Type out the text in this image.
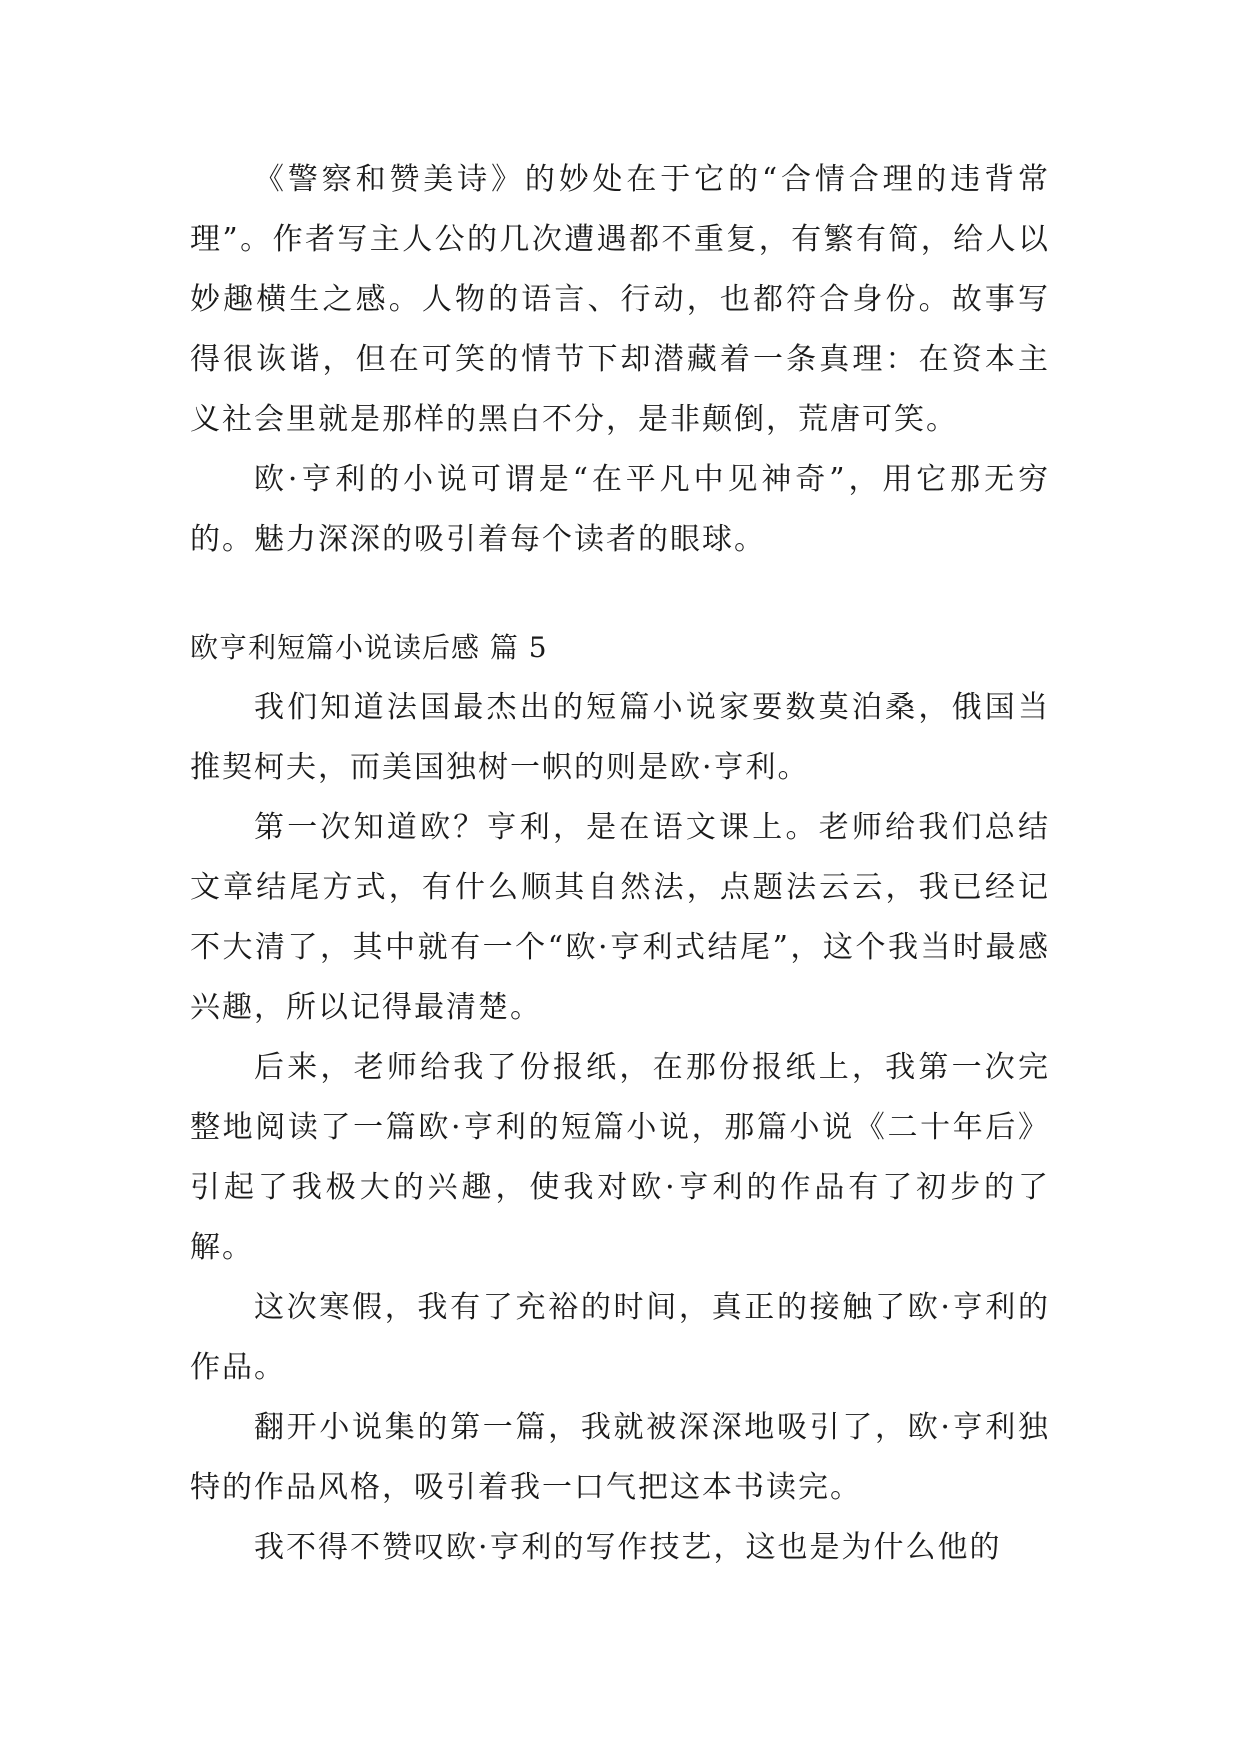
《警察和赞美诗》的妙处在于它的“合情合理的违背常理”。作者写主人公的几次遭遇都不重复，有繁有简，给人以妙趣横生之感。人物的语言、行动，也都符合身份。故事写得很诙谐，但在可笑的情节下却潜藏着一条真理：在资本主义社会里就是那样的黑白不分，是非颠倒，荒唐可笑。

欧·亨利的小说可谓是“在平凡中见神奇”，用它那无穷的。魅力深深的吸引着每个读者的眼球。

欧亨利短篇小说读后感 篇 5

我们知道法国最杰出的短篇小说家要数莫泊桑，俄国当推契柯夫，而美国独树一帜的则是欧·亨利。

第一次知道欧？亨利，是在语文课上。老师给我们总结文章结尾方式，有什么顺其自然法，点题法云云，我已经记不大清了，其中就有一个“欧·亨利式结尾”，这个我当时最感兴趣，所以记得最清楚。

后来，老师给我了份报纸，在那份报纸上，我第一次完整地阅读了一篇欧·亨利的短篇小说，那篇小说《二十年后》引起了我极大的兴趣，使我对欧·亨利的作品有了初步的了解。

这次寒假，我有了充裕的时间，真正的接触了欧·亨利的作品。

翻开小说集的第一篇，我就被深深地吸引了，欧·亨利独特的作品风格，吸引着我一口气把这本书读完。

我不得不赞叹欧·亨利的写作技艺，这也是为什么他的
